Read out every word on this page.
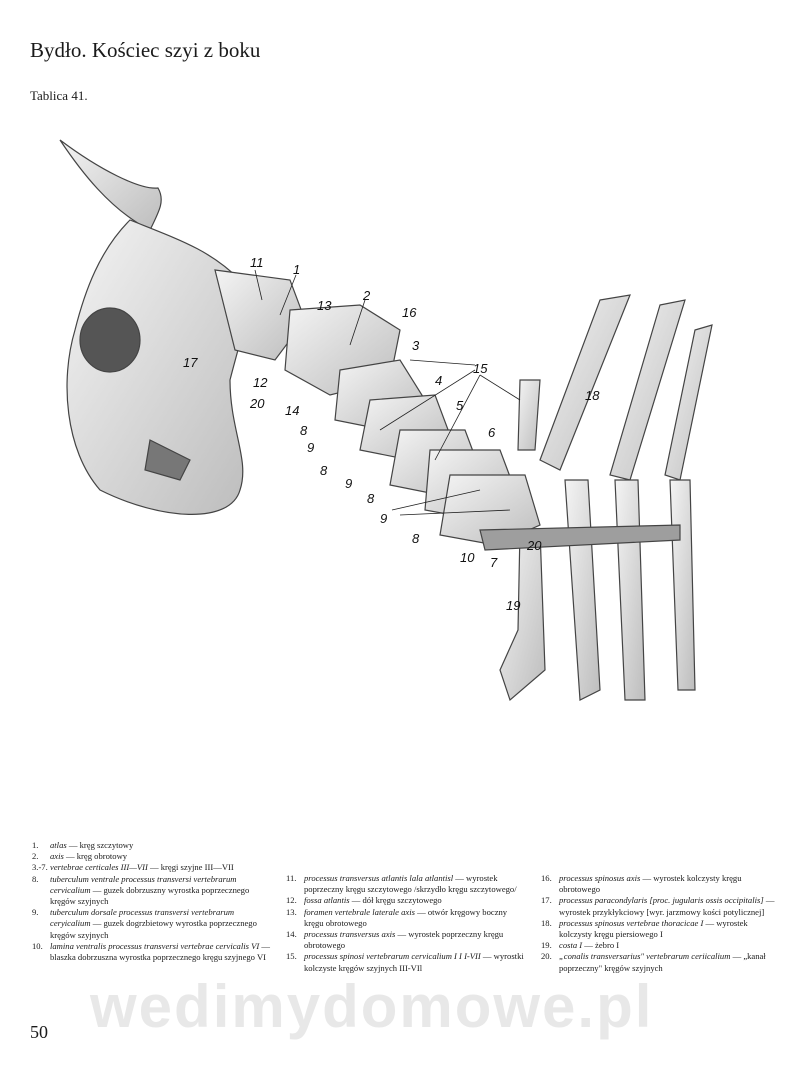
Bydło. Kościec szyi z boku
Tablica 41.
11 1
13
2
16
3
15
4
18
5
6
17
12
20 14
8
9
8
9
8
9
8
10 7
20
19

1.	atlas — kręg szczytowy

2.	axis — kręg obrotowy

3.-7. vertebrae certicales III—VII — kręgi szyjne III—VII

8.	tuberculum ventrale processus transversi vertebrarum cervicalium — guzek dobrzuszny wyrostka poprzecznego kręgów szyjnych

9.	tuberculum dorsale processus transversi vertebrarum ceryicalium — guzek dogrzbietowy wyrostka poprzecznego kręgów szyjnych

10. lamina ventralis processus transversi vertebrae cervicalis VI — blaszka dobrzuszna wyrostka poprzecznego kręgu szyjnego VI

11. processus transversus atlantis lala atlantisl — wyrostek poprzeczny kręgu szczytowego /skrzydło kręgu szczytowego/

12. fossa atlantis — dół kręgu szczytowego

13. foramen vertebrale laterale axis — otwór kręgowy boczny kręgu obrotowego

14. processus transversus axis — wyrostek poprzeczny kręgu obrotowego

15. processus spinosi vertebrarum cervicalium I I I-VII — wyrostki kolczyste kręgów szyjnych III-VIl

16. processus spinosus axis — wyrostek kolczysty kręgu obrotowego

17. processus paracondylaris [proc. jugularis ossis occipitalis] — wyrostek przykłykciowy [wyr. jarzmowy kości potylicznej]

18. processus spinosus vertebrae thoracicae I — wyrostek kolczysty kręgu piersiowego I

19. costa I — żebro I

20. „conalis transversarius" vertebrarum ceriicalium — „kanał poprzeczny" kręgów szyjnych

wedimydomowe.pl
50
